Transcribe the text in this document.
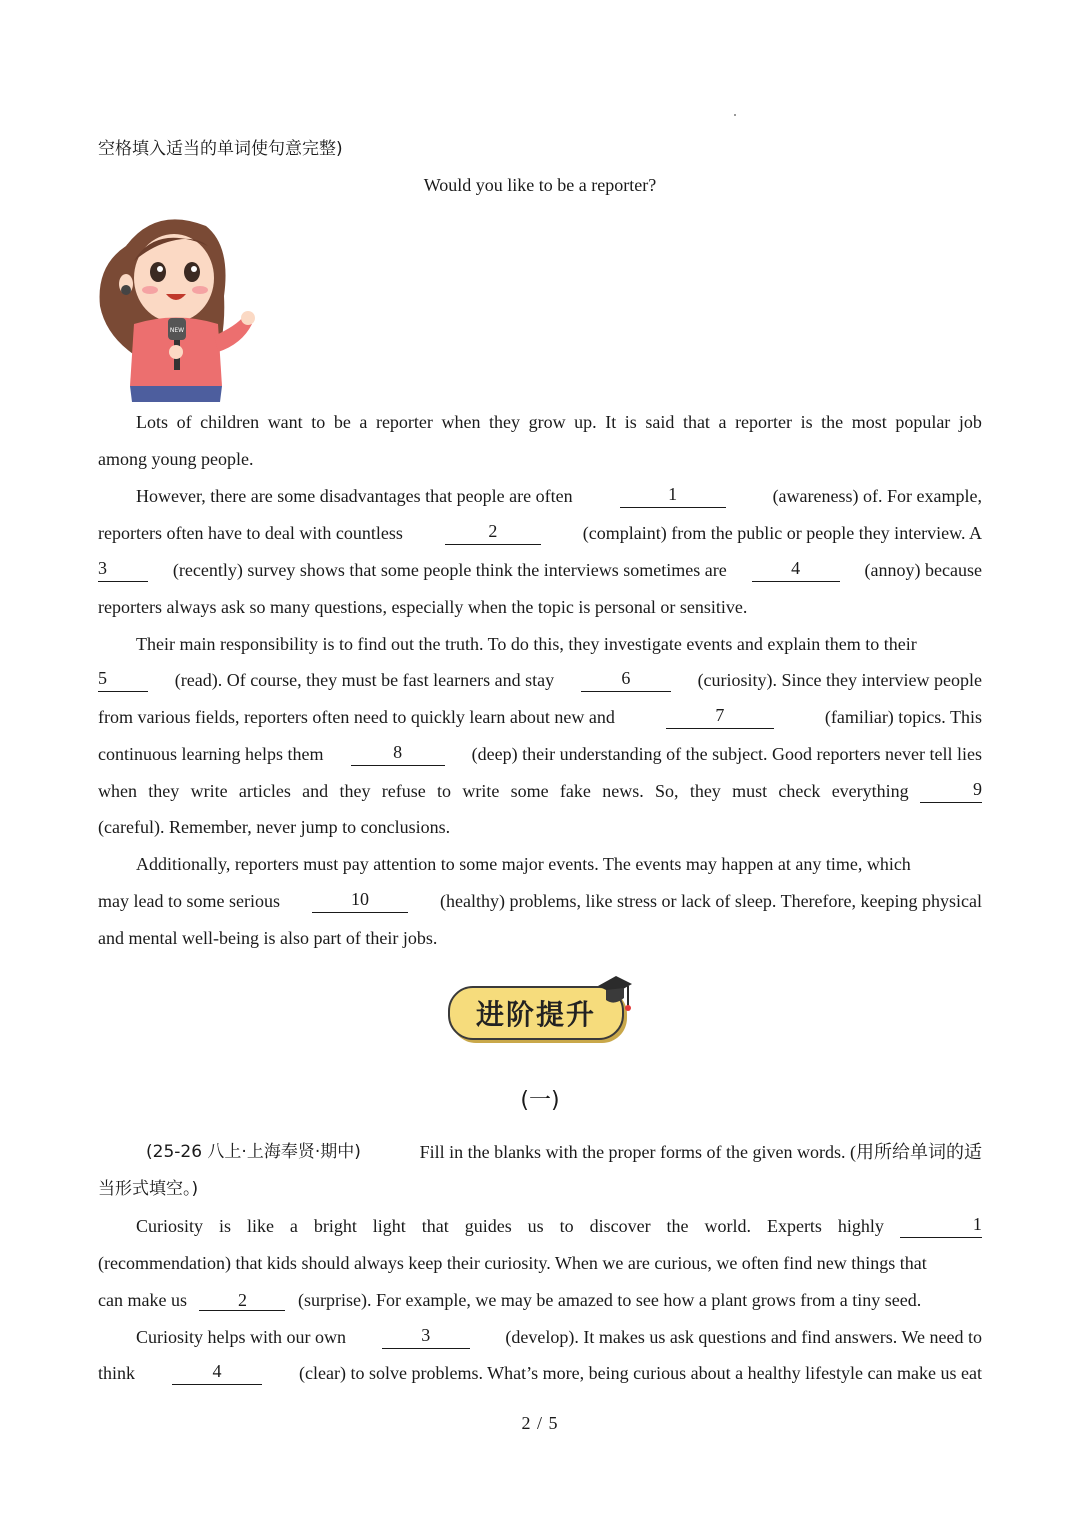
空格填入适当的单词使句意完整)
Would you like to be a reporter?
NEW
Lots of children want to be a reporter when they grow up. It is said that a reporter is the most popular job
among young people.
However, there are some disadvantages that people are often	1	(awareness) of. For example,
reporters often have to deal with countless	2	(complaint) from the public or people they interview. A
3	(recently) survey shows that some people think the interviews sometimes are	4	(annoy) because
reporters always ask so many questions, especially when the topic is personal or sensitive.
Their main responsibility is to find out the truth. To do this, they investigate events and explain them to their
5	(read). Of course, they must be fast learners and stay	6	(curiosity). Since they interview people
from various fields, reporters often need to quickly learn about new and	7	(familiar) topics. This
continuous learning helps them	8	(deep) their understanding of the subject. Good reporters never tell lies
when they write articles and they refuse to write some fake news. So, they must check everything	9
(careful). Remember, never jump to conclusions.
Additionally, reporters must pay attention to some major events. The events may happen at any time, which
may lead to some serious	10	(healthy) problems, like stress or lack of sleep. Therefore, keeping physical
and mental well-being is also part of their jobs.
进阶提升
(一)
(25-26 八上·上海奉贤·期中)	Fill in the blanks with the proper forms of the given words. (用所给单词的适
当形式填空。)
Curiosity is like a bright light that guides us to discover the world. Experts highly	1
(recommendation) that kids should always keep their curiosity. When we are curious, we often find new things that
can make us	2	(surprise). For example, we may be amazed to see how a plant grows from a tiny seed.
Curiosity helps with our own	3	(develop). It makes us ask questions and find answers. We need to
think	4	(clear) to solve problems. What’s more, being curious about a healthy lifestyle can make us eat
2 / 5
